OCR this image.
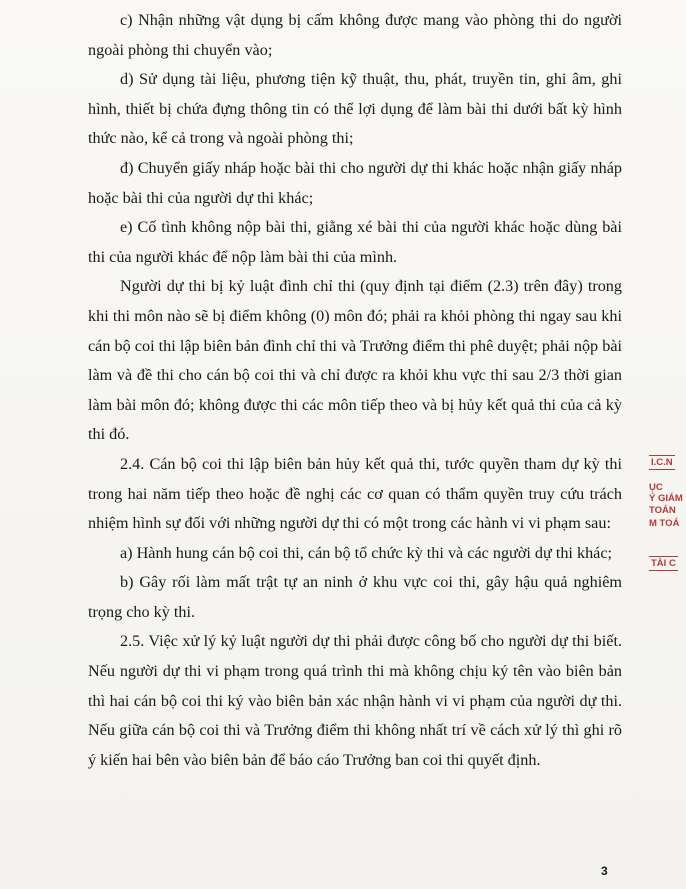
c) Nhận những vật dụng bị cấm không được mang vào phòng thi do người ngoài phòng thi chuyển vào;

d) Sử dụng tài liệu, phương tiện kỹ thuật, thu, phát, truyền tin, ghi âm, ghi hình, thiết bị chứa đựng thông tin có thể lợi dụng để làm bài thi dưới bất kỳ hình thức nào, kể cả trong và ngoài phòng thi;

đ) Chuyển giấy nháp hoặc bài thi cho người dự thi khác hoặc nhận giấy nháp hoặc bài thi của người dự thi khác;

e) Cố tình không nộp bài thi, giằng xé bài thi của người khác hoặc dùng bài thi của người khác để nộp làm bài thi của mình.

Người dự thi bị kỷ luật đình chỉ thi (quy định tại điểm (2.3) trên đây) trong khi thi môn nào sẽ bị điểm không (0) môn đó; phải ra khỏi phòng thi ngay sau khi cán bộ coi thi lập biên bản đình chỉ thi và Trưởng điểm thi phê duyệt; phải nộp bài làm và đề thi cho cán bộ coi thi và chỉ được ra khỏi khu vực thi sau 2/3 thời gian làm bài môn đó; không được thi các môn tiếp theo và bị hủy kết quả thi của cả kỳ thi đó.

2.4. Cán bộ coi thi lập biên bản hủy kết quả thi, tước quyền tham dự kỳ thi trong hai năm tiếp theo hoặc đề nghị các cơ quan có thẩm quyền truy cứu trách nhiệm hình sự đối với những người dự thi có một trong các hành vi vi phạm sau:

a) Hành hung cán bộ coi thi, cán bộ tổ chức kỳ thi và các người dự thi khác;

b) Gây rối làm mất trật tự an ninh ở khu vực coi thi, gây hậu quả nghiêm trọng cho kỳ thi.

2.5. Việc xử lý kỷ luật người dự thi phải được công bố cho người dự thi biết. Nếu người dự thi vi phạm trong quá trình thi mà không chịu ký tên vào biên bản thì hai cán bộ coi thi ký vào biên bản xác nhận hành vi vi phạm của người dự thi. Nếu giữa cán bộ coi thi và Trưởng điểm thi không nhất trí về cách xử lý thì ghi rõ ý kiến hai bên vào biên bản để báo cáo Trưởng ban coi thi quyết định.

I.C.N
ỤC
Ý GIÁM
TOÁN
M TOÁ
TÀI C
3
